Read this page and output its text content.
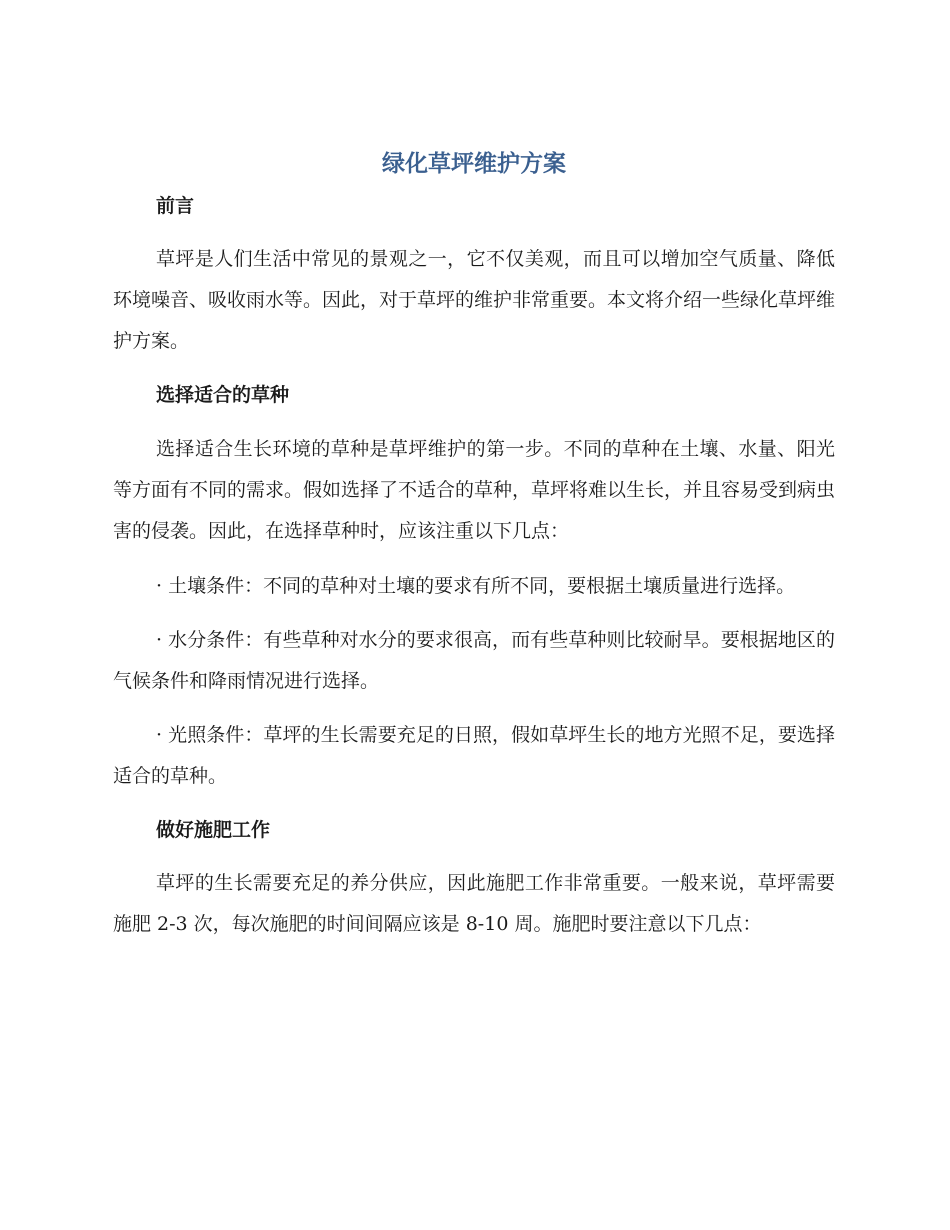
绿化草坪维护方案
前言

草坪是人们生活中常见的景观之一，它不仅美观，而且可以增加空气质量、降低环境噪音、吸收雨水等。因此，对于草坪的维护非常重要。本文将介绍一些绿化草坪维护方案。

选择适合的草种

选择适合生长环境的草种是草坪维护的第一步。不同的草种在土壤、水量、阳光等方面有不同的需求。假如选择了不适合的草种，草坪将难以生长，并且容易受到病虫害的侵袭。因此，在选择草种时，应该注重以下几点：

· 土壤条件：不同的草种对土壤的要求有所不同，要根据土壤质量进行选择。

· 水分条件：有些草种对水分的要求很高，而有些草种则比较耐旱。要根据地区的气候条件和降雨情况进行选择。

· 光照条件：草坪的生长需要充足的日照，假如草坪生长的地方光照不足，要选择适合的草种。

做好施肥工作

草坪的生长需要充足的养分供应，因此施肥工作非常重要。一般来说，草坪需要施肥 2-3 次，每次施肥的时间间隔应该是 8-10 周。施肥时要注意以下几点：
